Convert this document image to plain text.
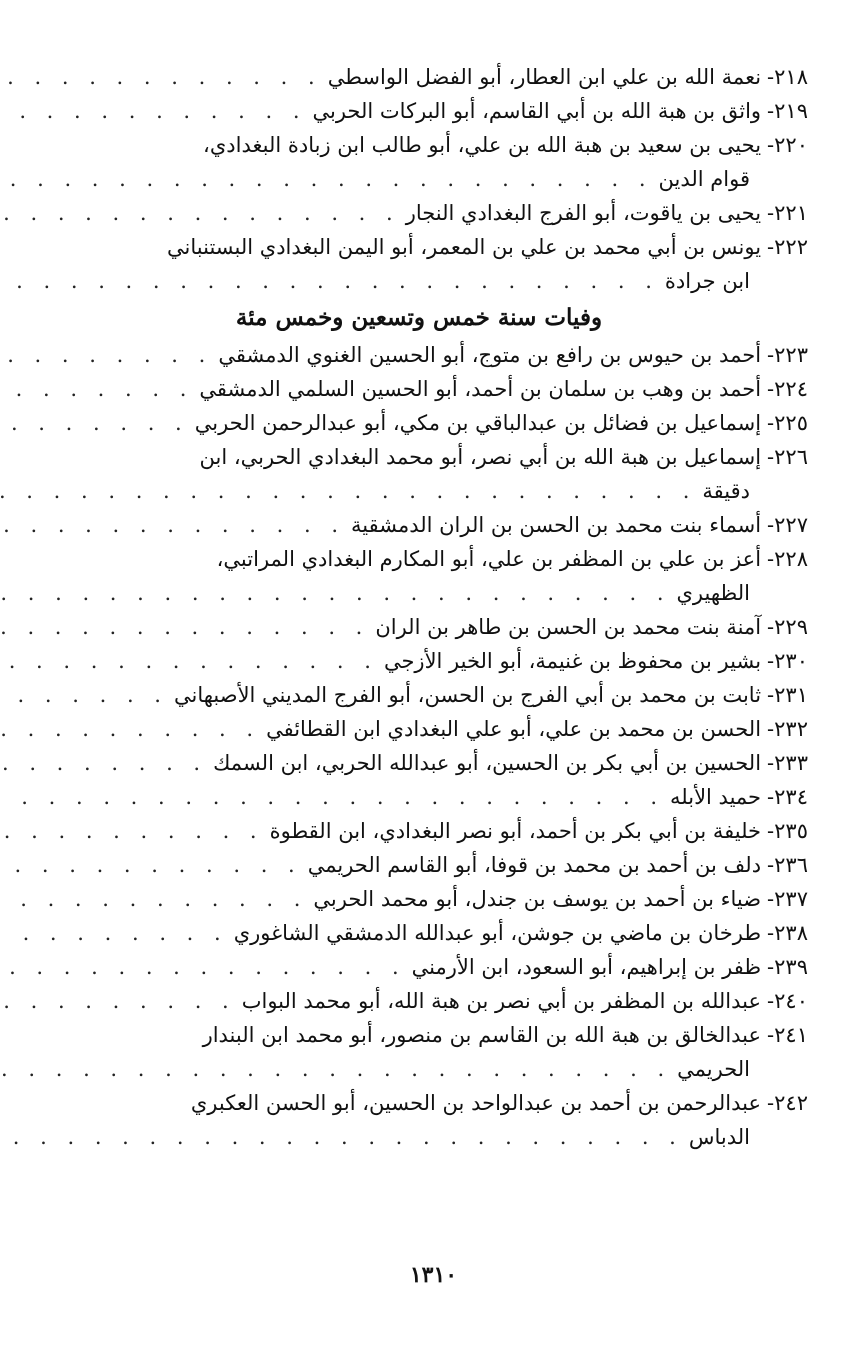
٢١٨-
نعمة الله بن علي ابن العطار، أبو الفضل الواسطي
. . .
٢١٩-
واثق بن هبة الله بن أبي القاسم، أبو البركات الحربي
. . .
٢٢٠-
يحيى بن سعيد بن هبة الله بن علي، أبو طالب ابن زبادة البغدادي،
قوام الدين
. . .
٢٢١-
يحيى بن ياقوت، أبو الفرج البغدادي النجار
. . .
٢٢٢-
يونس بن أبي محمد بن علي بن المعمر، أبو اليمن البغدادي البستنباني
ابن جرادة
. . .
وفيات سنة خمس وتسعين وخمس مئة
٢٢٣-
أحمد بن حيوس بن رافع بن متوج، أبو الحسين الغنوي الدمشقي
. . .
٢٢٤-
أحمد بن وهب بن سلمان بن أحمد، أبو الحسين السلمي الدمشقي
. . .
٢٢٥-
إسماعيل بن فضائل بن عبدالباقي بن مكي، أبو عبدالرحمن الحربي
. . .
٢٢٦-
إسماعيل بن هبة الله بن أبي نصر، أبو محمد البغدادي الحربي، ابن
دقيقة
. . .
٢٢٧-
أسماء بنت محمد بن الحسن بن الران الدمشقية
. . .
٢٢٨-
أعز بن علي بن المظفر بن علي، أبو المكارم البغدادي المراتبي،
الظهيري
. . .
٢٢٩-
آمنة بنت محمد بن الحسن بن طاهر بن الران
. . .
٢٣٠-
بشير بن محفوظ بن غنيمة، أبو الخير الأزجي
. . .
٢٣١-
ثابت بن محمد بن أبي الفرج بن الحسن، أبو الفرج المديني الأصبهاني
. . .
٢٣٢-
الحسن بن محمد بن علي، أبو علي البغدادي ابن القطائفي
. . .
٢٣٣-
الحسين بن أبي بكر بن الحسين، أبو عبدالله الحربي، ابن السمك
. . .
٢٣٤-
حميد الأبله
. . .
٢٣٥-
خليفة بن أبي بكر بن أحمد، أبو نصر البغدادي، ابن القطوة
. . .
٢٣٦-
دلف بن أحمد بن محمد بن قوفا، أبو القاسم الحريمي
. . .
٢٣٧-
ضياء بن أحمد بن يوسف بن جندل، أبو محمد الحربي
. . .
٢٣٨-
طرخان بن ماضي بن جوشن، أبو عبدالله الدمشقي الشاغوري
. . .
٢٣٩-
ظفر بن إبراهيم، أبو السعود، ابن الأرمني
. . .
٢٤٠-
عبدالله بن المظفر بن أبي نصر بن هبة الله، أبو محمد البواب
. . .
٢٤١-
عبدالخالق بن هبة الله بن القاسم بن منصور، أبو محمد ابن البندار
الحريمي
. . .
٢٤٢-
عبدالرحمن بن أحمد بن عبدالواحد بن الحسين، أبو الحسن العكبري
الدباس
. . .
١٣١٠
